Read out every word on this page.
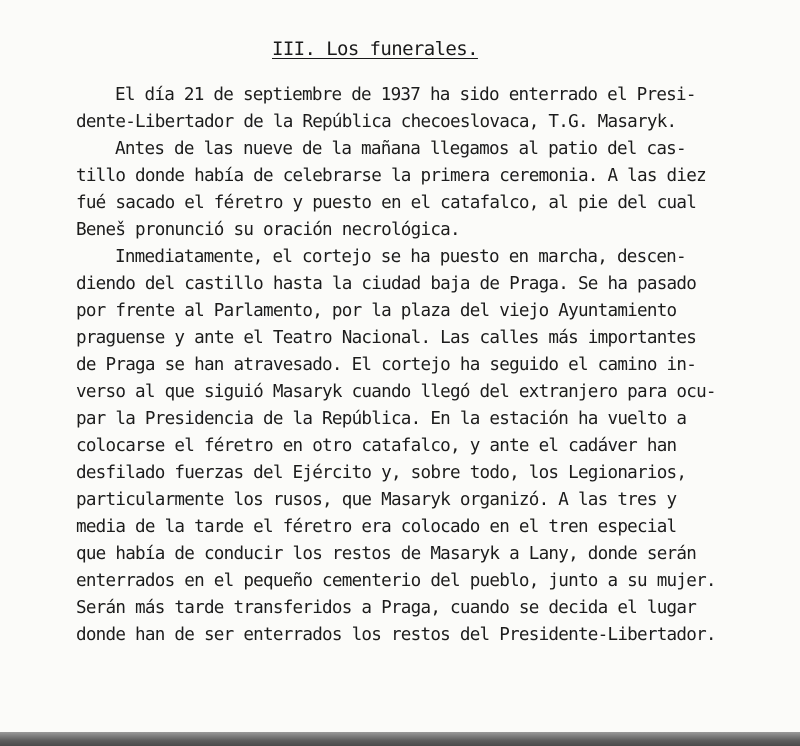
III. Los funerales.
El día 21 de septiembre de 1937 ha sido enterrado el Presi-
dente-Libertador de la República checoeslovaca, T.G. Masaryk.
Antes de las nueve de la mañana llegamos al patio del cas-
tillo donde había de celebrarse la primera ceremonia. A las diez
fué sacado el féretro y puesto en el catafalco, al pie del cual
Beneš pronunció su oración necrológica.
Inmediatamente, el cortejo se ha puesto en marcha, descen-
diendo del castillo hasta la ciudad baja de Praga. Se ha pasado
por frente al Parlamento, por la plaza del viejo Ayuntamiento
praguense y ante el Teatro Nacional. Las calles más importantes
de Praga se han atravesado. El cortejo ha seguido el camino in-
verso al que siguió Masaryk cuando llegó del extranjero para ocu-
par la Presidencia de la República. En la estación ha vuelto a
colocarse el féretro en otro catafalco, y ante el cadáver han
desfilado fuerzas del Ejército y, sobre todo, los Legionarios,
particularmente los rusos, que Masaryk organizó. A las tres y
media de la tarde el féretro era colocado en el tren especial
que había de conducir los restos de Masaryk a Lany, donde serán
enterrados en el pequeño cementerio del pueblo, junto a su mujer.
Serán más tarde transferidos a Praga, cuando se decida el lugar
donde han de ser enterrados los restos del Presidente-Libertador.
